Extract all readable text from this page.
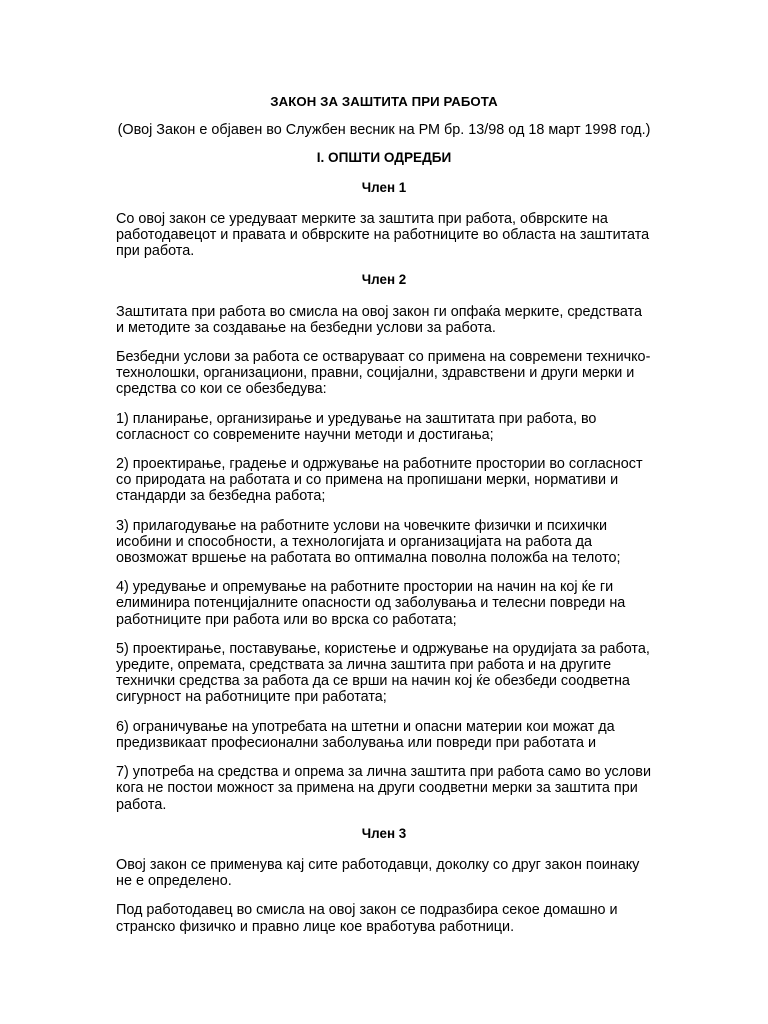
ЗАКОН ЗА ЗАШТИТА ПРИ РАБОТА

(Овој Закон е објавен во Службен весник на РМ бр. 13/98 од 18 март 1998 год.)

I. ОПШТИ ОДРЕДБИ

Член 1

Со овој закон се уредуваат мерките за заштита при работа, обврските на работодавецот и правата и обврските на работниците во областа на заштитата при работа.

Член 2

Заштитата при работа во смисла на овој закон ги опфаќа мерките, средствата и методите за создавање на безбедни услови за работа.

Безбедни услови за работа се остваруваат со примена на современи техничко-технолошки, организациони, правни, социјални, здравствени и други мерки и средства со кои се обезбедува:

1) планирање, организирање и уредување на заштитата при работа, во согласност со современите научни методи и достигања;

2) проектирање, градење и одржување на работните простории во согласност со природата на работата и со примена на пропишани мерки, нормативи и стандарди за безбедна работа;

3) прилагодување на работните услови на човечките физички и психички исобини и способности, а технологијата и организацијата на работа да овозможат вршење на работата во оптимална поволна положба на телото;

4) уредување и опремување на работните простории на начин на кој ќе ги елиминира потенцијалните опасности од заболувања и телесни повреди на работниците при работа или во врска со работата;

5) проектирање, поставување, користење и одржување на орудијата за работа, уредите, опремата, средствата за лична заштита при работа и на другите технички средства за работа да се врши на начин кој ќе обезбеди соодветна сигурност на работниците при работата;

6) ограничување на употребата на штетни и опасни материи кои можат да предизвикаат професионални заболувања или повреди при работата и

7) употреба на средства и опрема за лична заштита при работа само во услови кога не постои можност за примена на други соодветни мерки за заштита при работа.

Член 3

Овој закон се применува кај сите работодавци, доколку со друг закон поинаку не е определено.

Под работодавец во смисла на овој закон се подразбира секое домашно и странско физичко и правно лице кое вработува работници.
